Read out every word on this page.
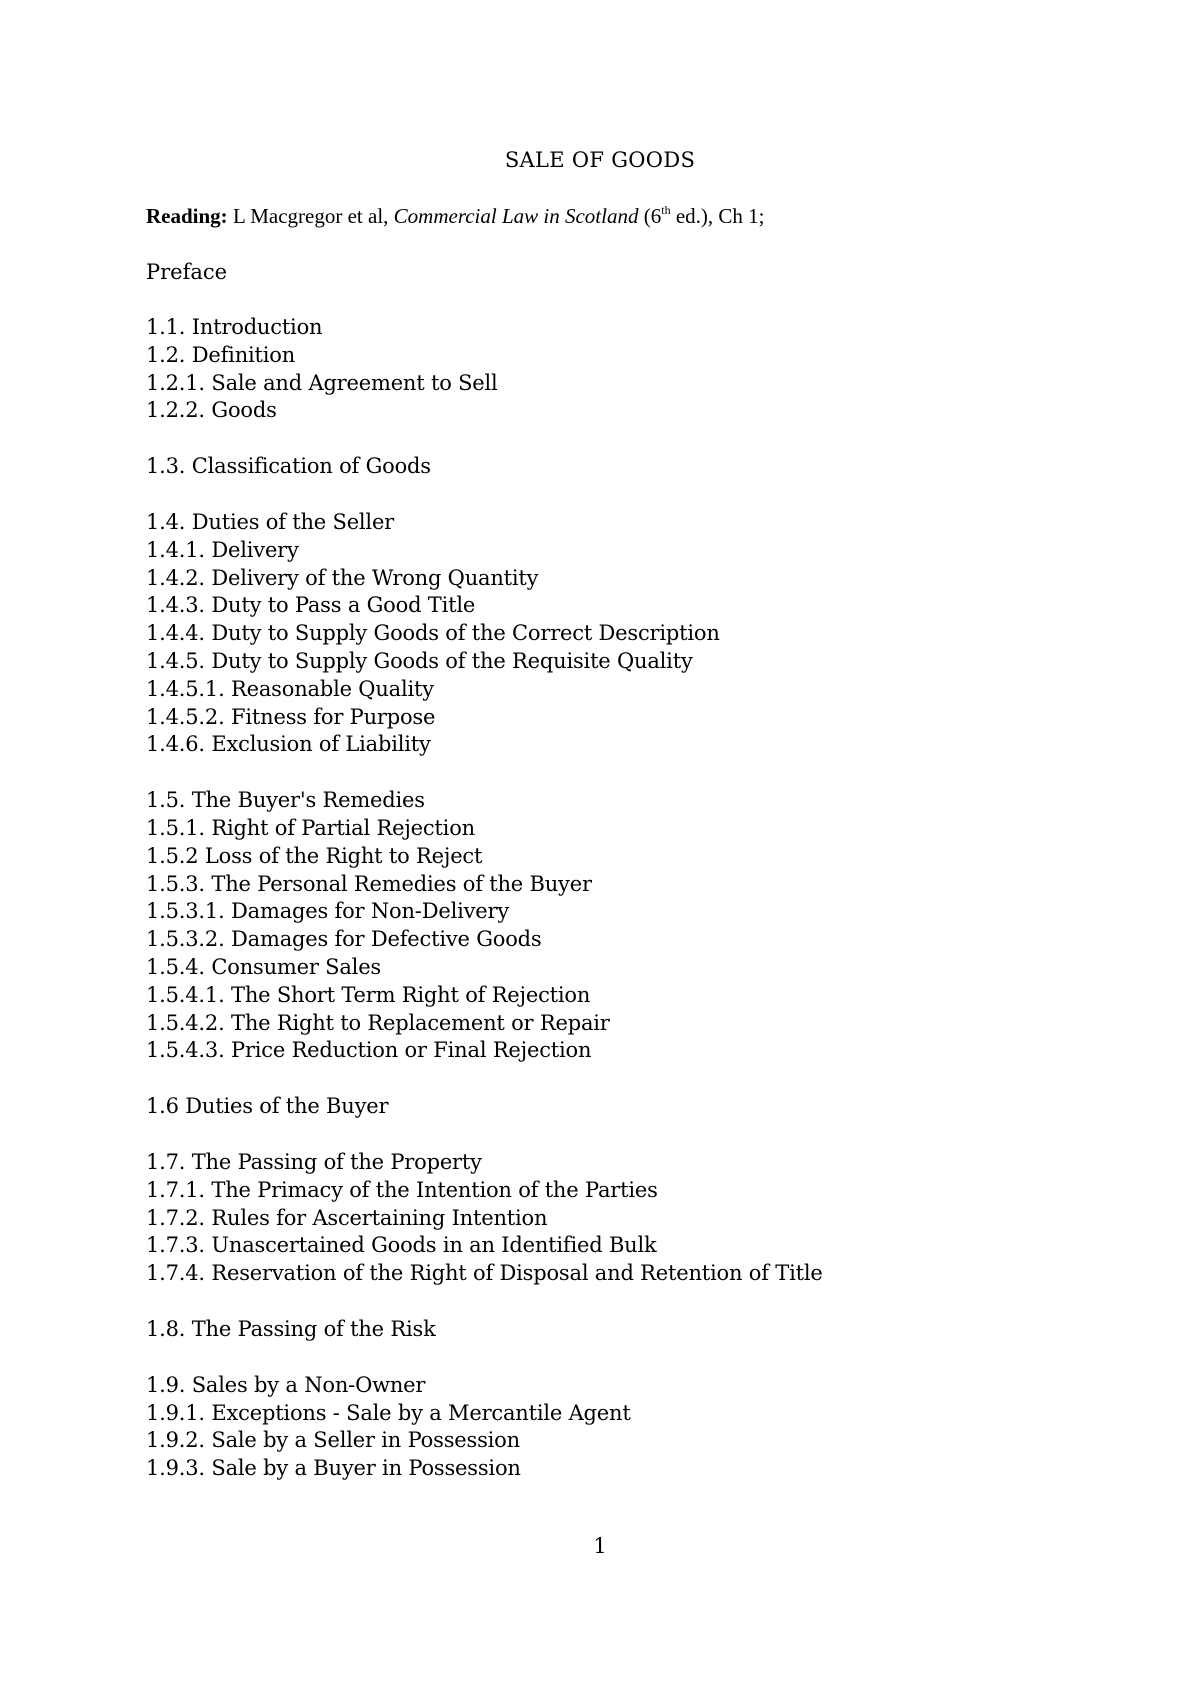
SALE OF GOODS
Reading: L Macgregor et al, Commercial Law in Scotland (6th ed.), Ch 1;
Preface
1.1. Introduction
1.2. Definition
1.2.1. Sale and Agreement to Sell
1.2.2. Goods
1.3. Classification of Goods
1.4. Duties of the Seller
1.4.1. Delivery
1.4.2. Delivery of the Wrong Quantity
1.4.3. Duty to Pass a Good Title
1.4.4. Duty to Supply Goods of the Correct Description
1.4.5. Duty to Supply Goods of the Requisite Quality
1.4.5.1. Reasonable Quality
1.4.5.2. Fitness for Purpose
1.4.6. Exclusion of Liability
1.5. The Buyer's Remedies
1.5.1. Right of Partial Rejection
1.5.2 Loss of the Right to Reject
1.5.3. The Personal Remedies of the Buyer
1.5.3.1. Damages for Non-Delivery
1.5.3.2. Damages for Defective Goods
1.5.4. Consumer Sales
1.5.4.1. The Short Term Right of Rejection
1.5.4.2. The Right to Replacement or Repair
1.5.4.3. Price Reduction or Final Rejection
1.6 Duties of the Buyer
1.7. The Passing of the Property
1.7.1. The Primacy of the Intention of the Parties
1.7.2. Rules for Ascertaining Intention
1.7.3. Unascertained Goods in an Identified Bulk
1.7.4. Reservation of the Right of Disposal and Retention of Title
1.8. The Passing of the Risk
1.9. Sales by a Non-Owner
1.9.1. Exceptions - Sale by a Mercantile Agent
1.9.2. Sale by a Seller in Possession
1.9.3. Sale by a Buyer in Possession
1
